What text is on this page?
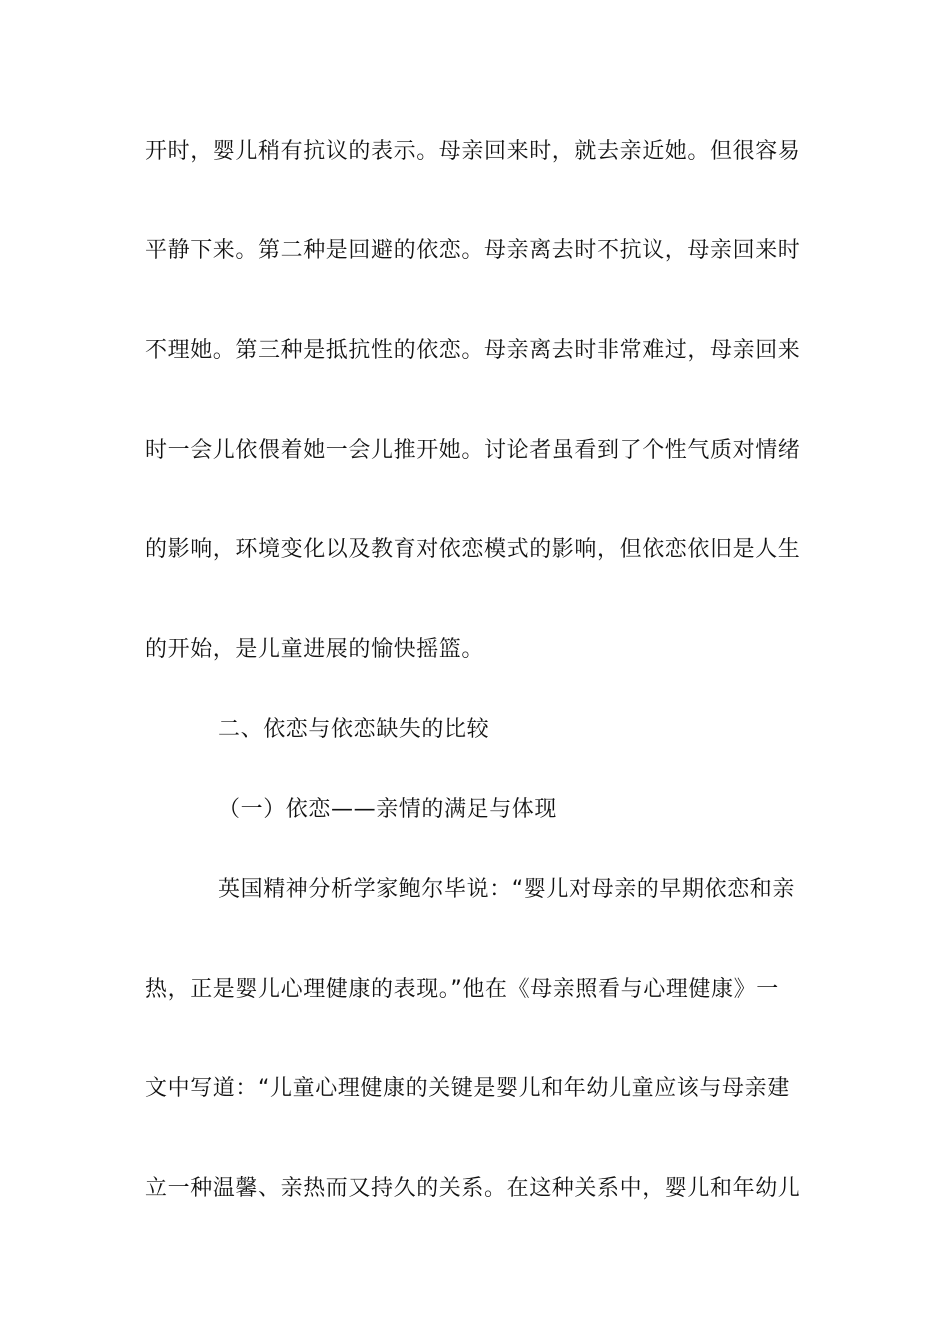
开时，婴儿稍有抗议的表示。母亲回来时，就去亲近她。但很容易
平静下来。第二种是回避的依恋。母亲离去时不抗议，母亲回来时
不理她。第三种是抵抗性的依恋。母亲离去时非常难过，母亲回来
时一会儿依偎着她一会儿推开她。讨论者虽看到了个性气质对情绪
的影响，环境变化以及教育对依恋模式的影响，但依恋依旧是人生
的开始，是儿童进展的愉快摇篮。
二、依恋与依恋缺失的比较
（一）依恋——亲情的满足与体现
英国精神分析学家鲍尔毕说：“婴儿对母亲的早期依恋和亲
热，正是婴儿心理健康的表现。”他在《母亲照看与心理健康》一
文中写道：“儿童心理健康的关键是婴儿和年幼儿童应该与母亲建
立一种温馨、亲热而又持久的关系。在这种关系中，婴儿和年幼儿
